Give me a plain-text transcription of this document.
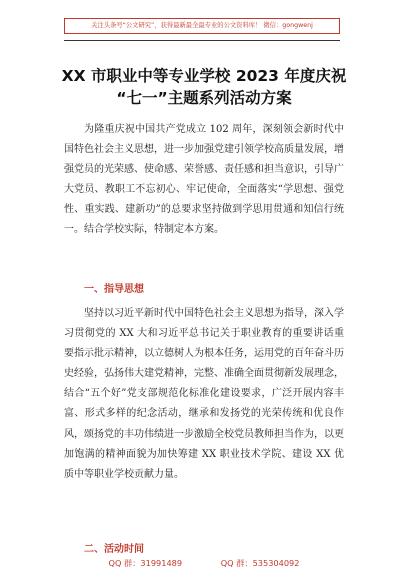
关注头条号“公文研究”，获得最新最全最专业的公文资料库！ 微信：gongwenj
XX 市职业中等专业学校 2023 年度庆祝
“七一”主题系列活动方案
为隆重庆祝中国共产党成立 102 周年，深刻领会新时代中国特色社会主义思想，进一步加强党建引领学校高质量发展，增强党员的光荣感、使命感、荣誉感、责任感和担当意识，引导广大党员、教职工不忘初心、牢记使命，全面落实“学思想、强党性、重实践、建新功”的总要求坚持做到学思用贯通和知信行统一。结合学校实际，特制定本方案。
一、指导思想
坚持以习近平新时代中国特色社会主义思想为指导，深入学习贯彻党的 XX 大和习近平总书记关于职业教育的重要讲话重要指示批示精神，以立德树人为根本任务，运用党的百年奋斗历史经验，弘扬伟大建党精神，完整、准确全面贯彻新发展理念，结合“五个好”党支部规范化标准化建设要求，广泛开展内容丰富、形式多样的纪念活动，继承和发扬党的光荣传统和优良作风，颂扬党的丰功伟绩进一步激励全校党员教师担当作为，以更加饱满的精神面貌为加快筹建 XX 职业技术学院、建设 XX 优质中等职业学校贡献力量。
二、活动时间
QQ 群：31991489	QQ 群：535304092
